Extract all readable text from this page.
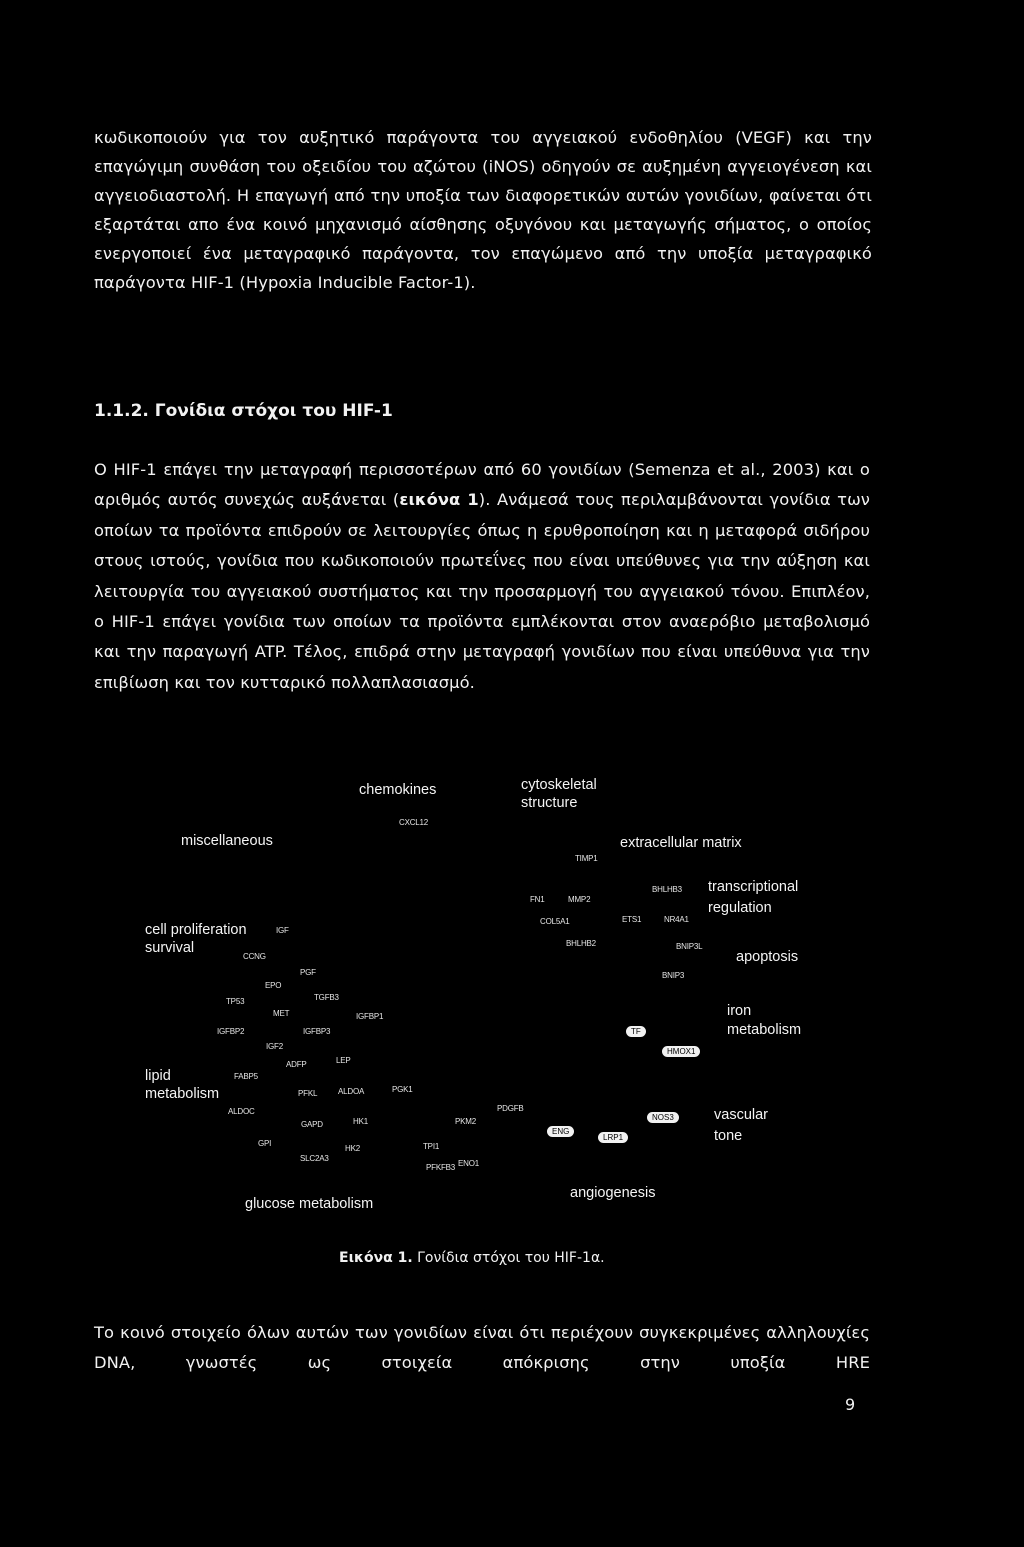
κωδικοποιούν για τον αυξητικό παράγοντα του αγγειακού ενδοθηλίου (VEGF) και την επαγώγιμη συνθάση του οξειδίου του αζώτου (iNOS) οδηγούν σε αυξημένη αγγειογένεση και αγγειοδιαστολή. Η επαγωγή από την υποξία των διαφορετικών αυτών γονιδίων, φαίνεται ότι εξαρτάται απο ένα κοινό μηχανισμό αίσθησης οξυγόνου και μεταγωγής σήματος, ο οποίος ενεργοποιεί ένα μεταγραφικό παράγοντα, τον επαγώμενο από την υποξία μεταγραφικό παράγοντα HIF-1 (Hypoxia Inducible Factor-1).

1.1.2. Γονίδια στόχοι του HIF-1

Ο HIF-1 επάγει την μεταγραφή περισσοτέρων από 60 γονιδίων (Semenza et al., 2003) και ο αριθμός αυτός συνεχώς αυξάνεται (εικόνα 1). Ανάμεσά τους περιλαμβάνονται γονίδια των οποίων τα προϊόντα επιδρούν σε λειτουργίες όπως η ερυθροποίηση και η μεταφορά σιδήρου στους ιστούς, γονίδια που κωδικοποιούν πρωτεΐνες που είναι υπεύθυνες για την αύξηση και λειτουργία του αγγειακού συστήματος και την προσαρμογή του αγγειακού τόνου. Επιπλέον, ο HIF-1 επάγει γονίδια των οποίων τα προϊόντα εμπλέκονται στον αναερόβιο μεταβολισμό και την παραγωγή ATP. Τέλος, επιδρά στην μεταγραφή γονιδίων που είναι υπεύθυνα για την επιβίωση και τον κυτταρικό πολλαπλασιασμό.

chemokines	cytoskeletal
structure
miscellaneous	extracellular matrix
transcriptional
regulation
cell proliferation
survival
apoptosis
iron
metabolism
lipid
metabolism
vascular
tone
angiogenesis
glucose metabolism
CXCL12
TIMP1
FN1	MMP2
BHLHB3
COL5A1	ETS1	NR4A1
BHLHB2	BNIP3L
BNIP3
IGF
CCNG
PGF
EPO
TP53	TGFB3
MET	IGFBP1
IGFBP2	IGFBP3
IGF2
ADFP	LEP
FABP5
PFKL	ALDOA	PGK1
ALDOC
GAPD	HK1	PKM2
PDGFB
GPI
HK2	TPI1
SLC2A3
PFKFB3 ENO1
TF
HMOX1
NOS3
ENG
LRP1

Εικόνα 1. Γονίδια στόχοι του HIF-1α.

Το κοινό στοιχείο όλων αυτών των γονιδίων είναι ότι περιέχουν συγκεκριμένες αλληλουχίες DNA, γνωστές ως στοιχεία απόκρισης στην υποξία HRE

9
